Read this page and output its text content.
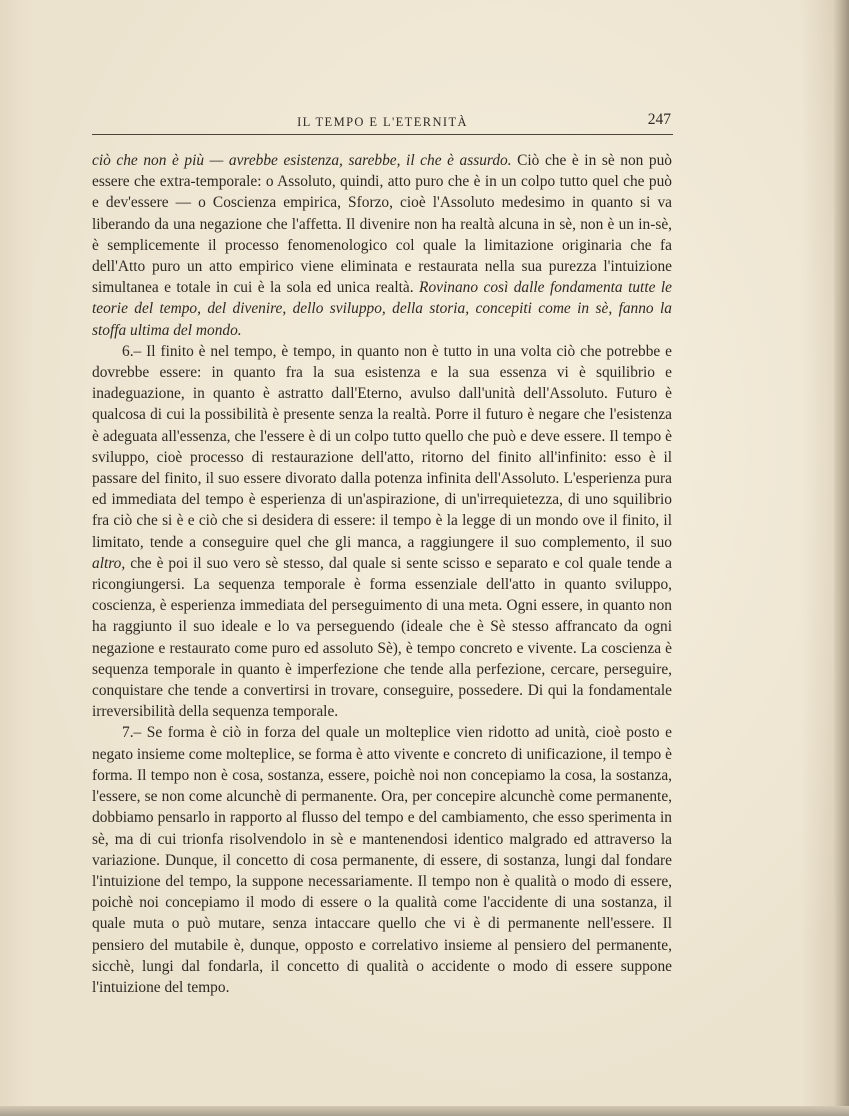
IL TEMPO E L'ETERNITÀ	247

ciò che non è più — avrebbe esistenza, sarebbe, il che è assurdo. Ciò che è in sè non può essere che extra-temporale: o Assoluto, quindi, atto puro che è in un colpo tutto quel che può e dev'essere — o Coscienza empirica, Sforzo, cioè l'Assoluto medesimo in quanto si va liberando da una negazione che l'affetta. Il divenire non ha realtà alcuna in sè, non è un in-sè, è semplicemente il processo fenomenologico col quale la limitazione originaria che fa dell'Atto puro un atto empirico viene eliminata e restaurata nella sua purezza l'intuizione simultanea e totale in cui è la sola ed unica realtà. Rovinano così dalle fondamenta tutte le teorie del tempo, del divenire, dello sviluppo, della storia, concepiti come in sè, fanno la stoffa ultima del mondo.

6.– Il finito è nel tempo, è tempo, in quanto non è tutto in una volta ciò che potrebbe e dovrebbe essere: in quanto fra la sua esistenza e la sua essenza vi è squilibrio e inadeguazione, in quanto è astratto dall'Eterno, avulso dall'unità dell'Assoluto. Futuro è qualcosa di cui la possibilità è presente senza la realtà. Porre il futuro è negare che l'esistenza è adeguata all'essenza, che l'essere è di un colpo tutto quello che può e deve essere. Il tempo è sviluppo, cioè processo di restaurazione dell'atto, ritorno del finito all'infinito: esso è il passare del finito, il suo essere divorato dalla potenza infinita dell'Assoluto. L'esperienza pura ed immediata del tempo è esperienza di un'aspirazione, di un'irrequietezza, di uno squilibrio fra ciò che si è e ciò che si desidera di essere: il tempo è la legge di un mondo ove il finito, il limitato, tende a conseguire quel che gli manca, a raggiungere il suo complemento, il suo altro, che è poi il suo vero sè stesso, dal quale si sente scisso e separato e col quale tende a ricongiungersi. La sequenza temporale è forma essenziale dell'atto in quanto sviluppo, coscienza, è esperienza immediata del perseguimento di una meta. Ogni essere, in quanto non ha raggiunto il suo ideale e lo va perseguendo (ideale che è Sè stesso affrancato da ogni negazione e restaurato come puro ed assoluto Sè), è tempo concreto e vivente. La coscienza è sequenza temporale in quanto è imperfezione che tende alla perfezione, cercare, perseguire, conquistare che tende a convertirsi in trovare, conseguire, possedere. Di qui la fondamentale irreversibilità della sequenza temporale.

7.– Se forma è ciò in forza del quale un molteplice vien ridotto ad unità, cioè posto e negato insieme come molteplice, se forma è atto vivente e concreto di unificazione, il tempo è forma. Il tempo non è cosa, sostanza, essere, poichè noi non concepiamo la cosa, la sostanza, l'essere, se non come alcunchè di permanente. Ora, per concepire alcunchè come permanente, dobbiamo pensarlo in rapporto al flusso del tempo e del cambiamento, che esso sperimenta in sè, ma di cui trionfa risolvendolo in sè e mantenendosi identico malgrado ed attraverso la variazione. Dunque, il concetto di cosa permanente, di essere, di sostanza, lungi dal fondare l'intuizione del tempo, la suppone necessariamente. Il tempo non è qualità o modo di essere, poichè noi concepiamo il modo di essere o la qualità come l'accidente di una sostanza, il quale muta o può mutare, senza intaccare quello che vi è di permanente nell'essere. Il pensiero del mutabile è, dunque, opposto e correlativo insieme al pensiero del permanente, sicchè, lungi dal fondarla, il concetto di qualità o accidente o modo di essere suppone l'intuizione del tempo.
